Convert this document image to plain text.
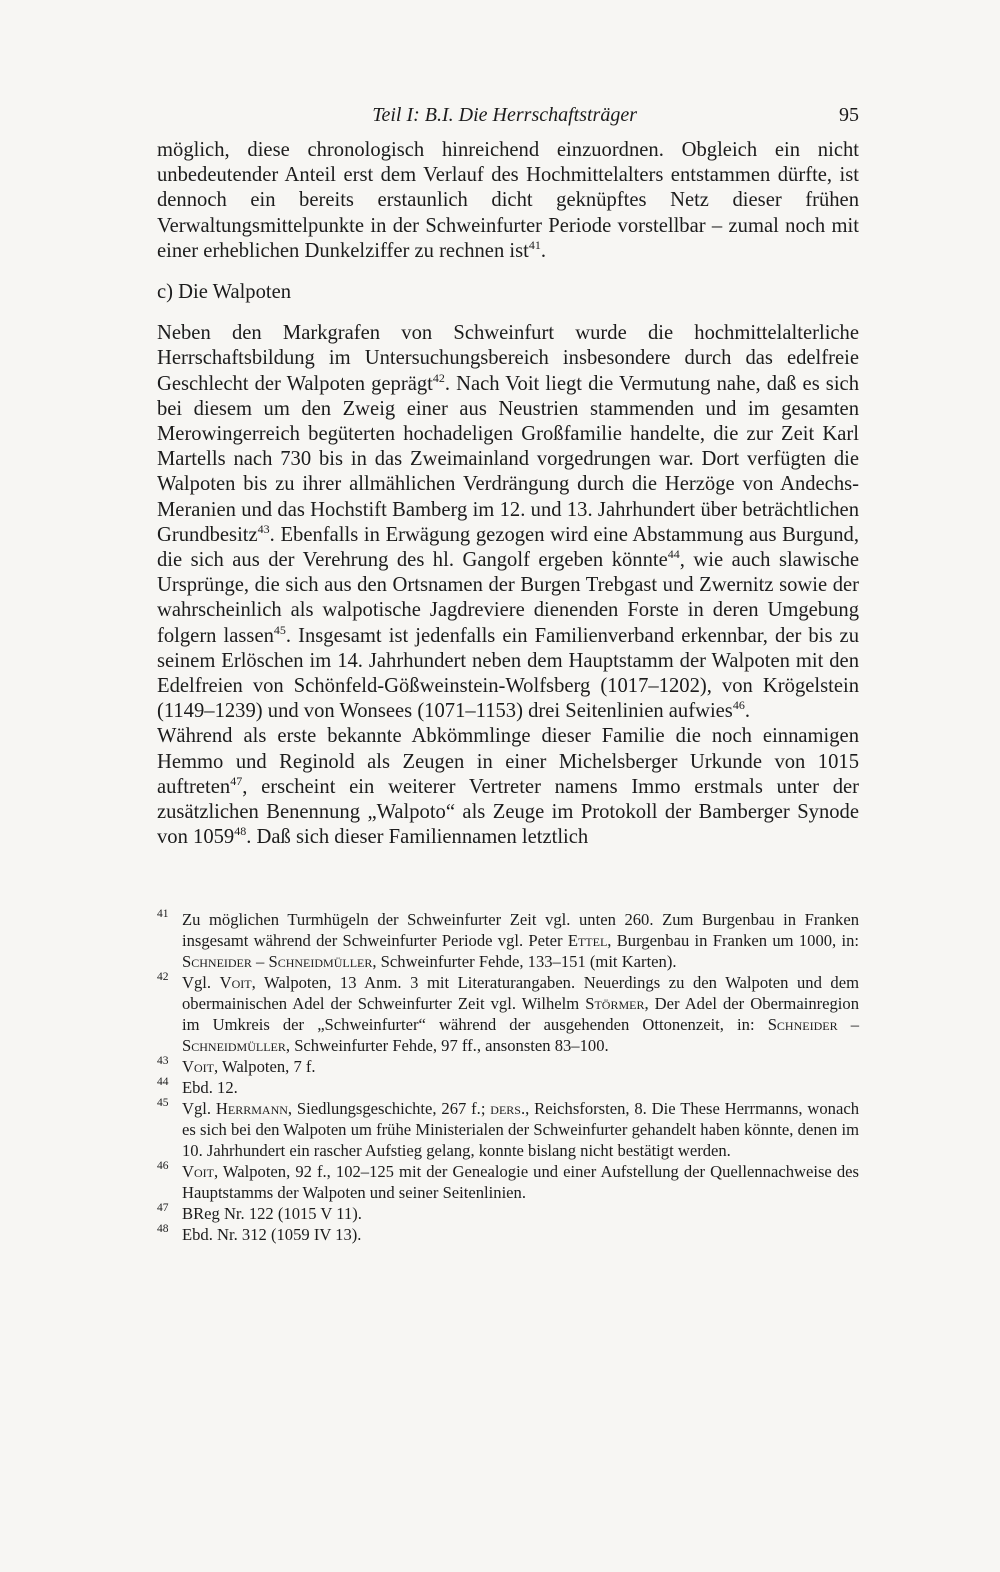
Teil I: B.I. Die Herrschaftsträger	95

möglich, diese chronologisch hinreichend einzuordnen. Obgleich ein nicht unbedeutender Anteil erst dem Verlauf des Hochmittelalters entstammen dürfte, ist dennoch ein bereits erstaunlich dicht geknüpftes Netz dieser frühen Verwaltungsmittelpunkte in der Schweinfurter Periode vorstellbar – zumal noch mit einer erheblichen Dunkelziffer zu rechnen ist$^{41}$.

c) Die Walpoten

Neben den Markgrafen von Schweinfurt wurde die hochmittelalterliche Herrschaftsbildung im Untersuchungsbereich insbesondere durch das edelfreie Geschlecht der Walpoten geprägt$^{42}$. Nach Voit liegt die Vermutung nahe, daß es sich bei diesem um den Zweig einer aus Neustrien stammenden und im gesamten Merowingerreich begüterten hochadeligen Großfamilie handelte, die zur Zeit Karl Martells nach 730 bis in das Zweimainland vorgedrungen war. Dort verfügten die Walpoten bis zu ihrer allmählichen Verdrängung durch die Herzöge von Andechs-Meranien und das Hochstift Bamberg im 12. und 13. Jahrhundert über beträchtlichen Grundbesitz$^{43}$. Ebenfalls in Erwägung gezogen wird eine Abstammung aus Burgund, die sich aus der Verehrung des hl. Gangolf ergeben könnte$^{44}$, wie auch slawische Ursprünge, die sich aus den Ortsnamen der Burgen Trebgast und Zwernitz sowie der wahrscheinlich als walpotische Jagdreviere dienenden Forste in deren Umgebung folgern lassen$^{45}$. Insgesamt ist jedenfalls ein Familienverband erkennbar, der bis zu seinem Erlöschen im 14. Jahrhundert neben dem Hauptstamm der Walpoten mit den Edelfreien von Schönfeld-Gößweinstein-Wolfsberg (1017–1202), von Krögelstein (1149–1239) und von Wonsees (1071–1153) drei Seitenlinien aufwies$^{46}$.

Während als erste bekannte Abkömmlinge dieser Familie die noch einnamigen Hemmo und Reginold als Zeugen in einer Michelsberger Urkunde von 1015 auftreten$^{47}$, erscheint ein weiterer Vertreter namens Immo erstmals unter der zusätzlichen Benennung „Walpoto“ als Zeuge im Protokoll der Bamberger Synode von 1059$^{48}$. Daß sich dieser Familiennamen letztlich

41 Zu möglichen Turmhügeln der Schweinfurter Zeit vgl. unten 260. Zum Burgenbau in Franken insgesamt während der Schweinfurter Periode vgl. Peter Ettel, Burgenbau in Franken um 1000, in: Schneider – Schneidmüller, Schweinfurter Fehde, 133–151 (mit Karten).
42 Vgl. Voit, Walpoten, 13 Anm. 3 mit Literaturangaben. Neuerdings zu den Walpoten und dem obermainischen Adel der Schweinfurter Zeit vgl. Wilhelm Störmer, Der Adel der Obermainregion im Umkreis der „Schweinfurter“ während der ausgehenden Ottonenzeit, in: Schneider – Schneidmüller, Schweinfurter Fehde, 97 ff., ansonsten 83–100.
43 Voit, Walpoten, 7 f.
44 Ebd. 12.
45 Vgl. Herrmann, Siedlungsgeschichte, 267 f.; ders., Reichsforsten, 8. Die These Herrmanns, wonach es sich bei den Walpoten um frühe Ministerialen der Schweinfurter gehandelt haben könnte, denen im 10. Jahrhundert ein rascher Aufstieg gelang, konnte bislang nicht bestätigt werden.
46 Voit, Walpoten, 92 f., 102–125 mit der Genealogie und einer Aufstellung der Quellennachweise des Hauptstamms der Walpoten und seiner Seitenlinien.
47 BReg Nr. 122 (1015 V 11).
48 Ebd. Nr. 312 (1059 IV 13).
